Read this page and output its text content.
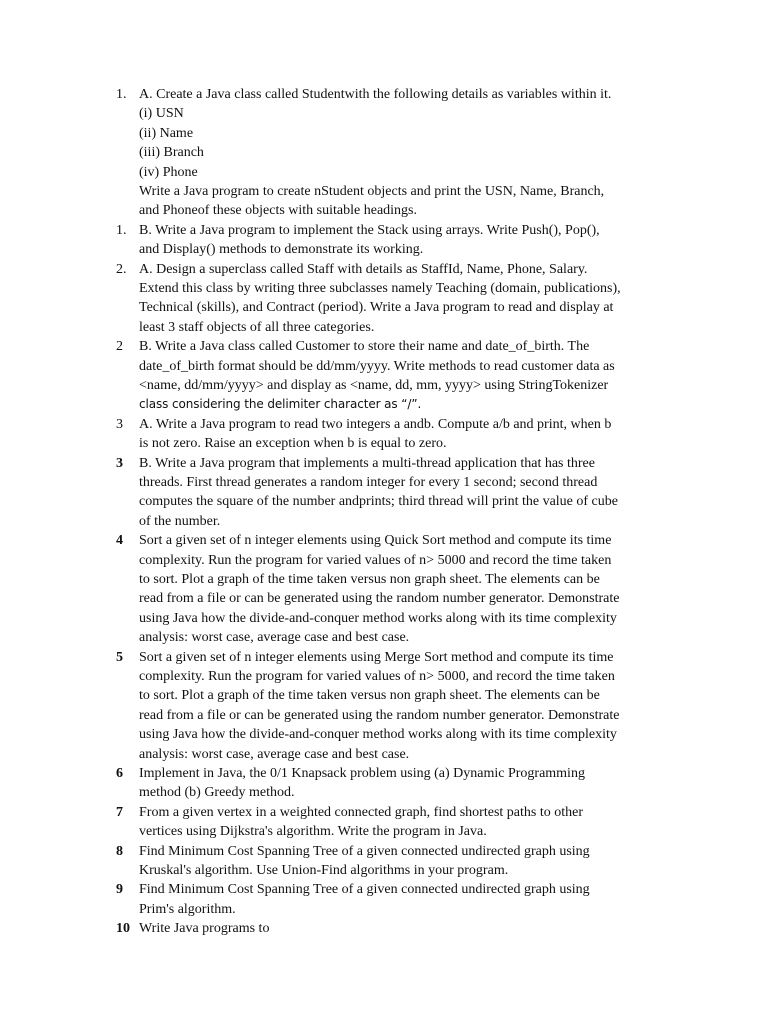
1. A. Create a Java class called Studentwith the following details as variables within it.
(i) USN
(ii) Name
(iii) Branch
(iv) Phone
Write a Java program to create nStudent objects and print the USN, Name, Branch,
and Phoneof these objects with suitable headings.
1. B. Write a Java program to implement the Stack using arrays. Write Push(), Pop(),
and Display() methods to demonstrate its working.
2. A. Design a superclass called Staff with details as StaffId, Name, Phone, Salary.
Extend this class by writing three subclasses namely Teaching (domain, publications),
Technical (skills), and Contract (period). Write a Java program to read and display at
least 3 staff objects of all three categories.
2 B. Write a Java class called Customer to store their name and date_of_birth. The
date_of_birth format should be dd/mm/yyyy. Write methods to read customer data as
<name, dd/mm/yyyy> and display as <name, dd, mm, yyyy> using StringTokenizer
class considering the delimiter character as “/”.
3 A. Write a Java program to read two integers a andb. Compute a/b and print, when b
is not zero. Raise an exception when b is equal to zero.
3 B. Write a Java program that implements a multi-thread application that has three
threads. First thread generates a random integer for every 1 second; second thread
computes the square of the number andprints; third thread will print the value of cube
of the number.
4 Sort a given set of n integer elements using Quick Sort method and compute its time
complexity. Run the program for varied values of n> 5000 and record the time taken
to sort. Plot a graph of the time taken versus non graph sheet. The elements can be
read from a file or can be generated using the random number generator. Demonstrate
using Java how the divide-and-conquer method works along with its time complexity
analysis: worst case, average case and best case.
5 Sort a given set of n integer elements using Merge Sort method and compute its time
complexity. Run the program for varied values of n> 5000, and record the time taken
to sort. Plot a graph of the time taken versus non graph sheet. The elements can be
read from a file or can be generated using the random number generator. Demonstrate
using Java how the divide-and-conquer method works along with its time complexity
analysis: worst case, average case and best case.
6 Implement in Java, the 0/1 Knapsack problem using (a) Dynamic Programming
method (b) Greedy method.
7 From a given vertex in a weighted connected graph, find shortest paths to other
vertices using Dijkstra's algorithm. Write the program in Java.
8 Find Minimum Cost Spanning Tree of a given connected undirected graph using
Kruskal's algorithm. Use Union-Find algorithms in your program.
9 Find Minimum Cost Spanning Tree of a given connected undirected graph using
Prim's algorithm.
10 Write Java programs to
